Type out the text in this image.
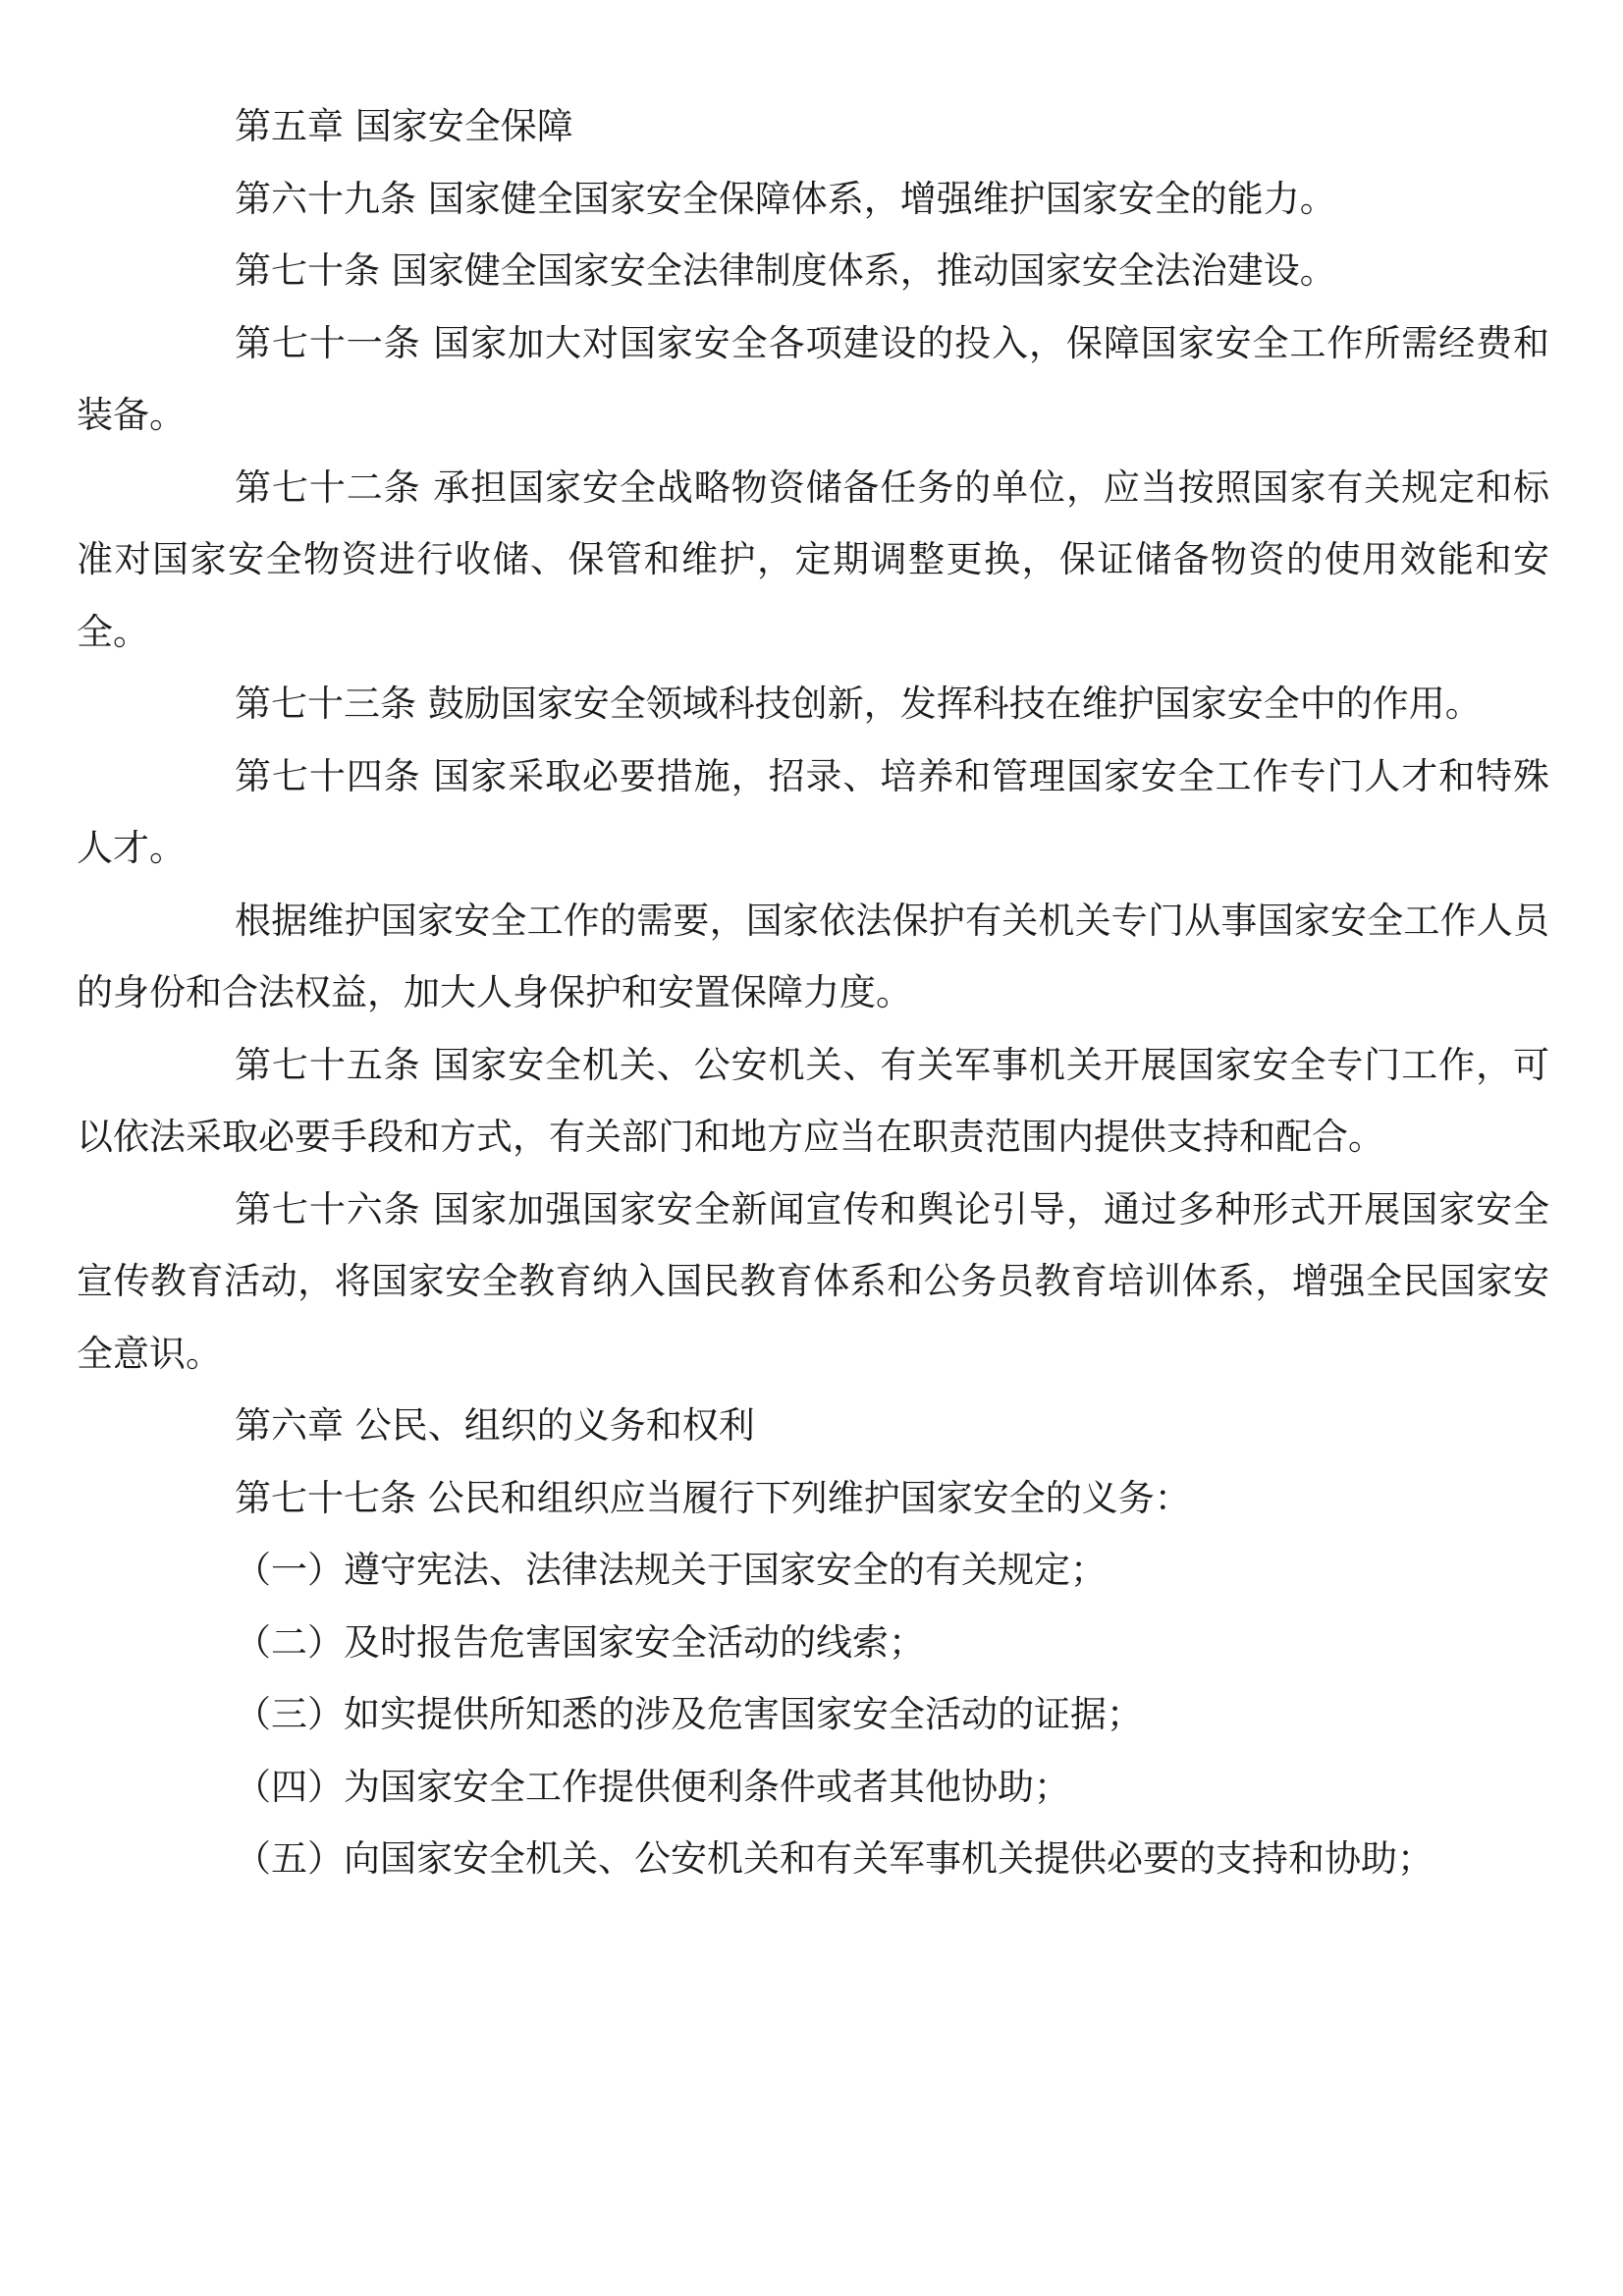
第五章 国家安全保障

第六十九条 国家健全国家安全保障体系，增强维护国家安全的能力。

第七十条 国家健全国家安全法律制度体系，推动国家安全法治建设。

第七十一条 国家加大对国家安全各项建设的投入，保障国家安全工作所需经费和装备。

第七十二条 承担国家安全战略物资储备任务的单位，应当按照国家有关规定和标准对国家安全物资进行收储、保管和维护，定期调整更换，保证储备物资的使用效能和安全。

第七十三条 鼓励国家安全领域科技创新，发挥科技在维护国家安全中的作用。

第七十四条 国家采取必要措施，招录、培养和管理国家安全工作专门人才和特殊人才。

根据维护国家安全工作的需要，国家依法保护有关机关专门从事国家安全工作人员的身份和合法权益，加大人身保护和安置保障力度。

第七十五条 国家安全机关、公安机关、有关军事机关开展国家安全专门工作，可以依法采取必要手段和方式，有关部门和地方应当在职责范围内提供支持和配合。

第七十六条 国家加强国家安全新闻宣传和舆论引导，通过多种形式开展国家安全宣传教育活动，将国家安全教育纳入国民教育体系和公务员教育培训体系，增强全民国家安全意识。

第六章 公民、组织的义务和权利

第七十七条 公民和组织应当履行下列维护国家安全的义务：

（一）遵守宪法、法律法规关于国家安全的有关规定；

（二）及时报告危害国家安全活动的线索；

（三）如实提供所知悉的涉及危害国家安全活动的证据；

（四）为国家安全工作提供便利条件或者其他协助；

（五）向国家安全机关、公安机关和有关军事机关提供必要的支持和协助；
